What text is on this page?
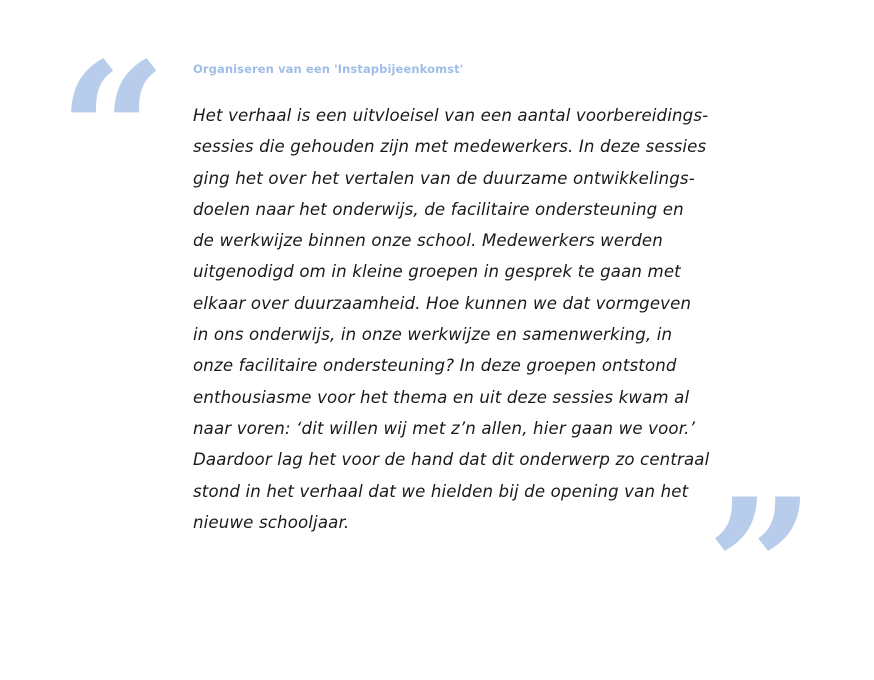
“	Organiseren van een 'Instapbijeenkomst'
Het verhaal is een uitvloeisel van een aantal voorbereidings-
sessies die gehouden zijn met medewerkers. In deze sessies
ging het over het vertalen van de duurzame ontwikkelings-
doelen naar het onderwijs, de facilitaire ondersteuning en
de werkwijze binnen onze school. Medewerkers werden
uitgenodigd om in kleine groepen in gesprek te gaan met
elkaar over duurzaamheid. Hoe kunnen we dat vormgeven
in ons onderwijs, in onze werkwijze en samenwerking, in
onze facilitaire ondersteuning? In deze groepen ontstond
enthousiasme voor het thema en uit deze sessies kwam al
naar voren: ‘dit willen wij met z’n allen, hier gaan we voor.’
Daardoor lag het voor de hand dat dit onderwerp zo centraal
stond in het verhaal dat we hielden bij de opening van het
nieuwe schooljaar.	”
